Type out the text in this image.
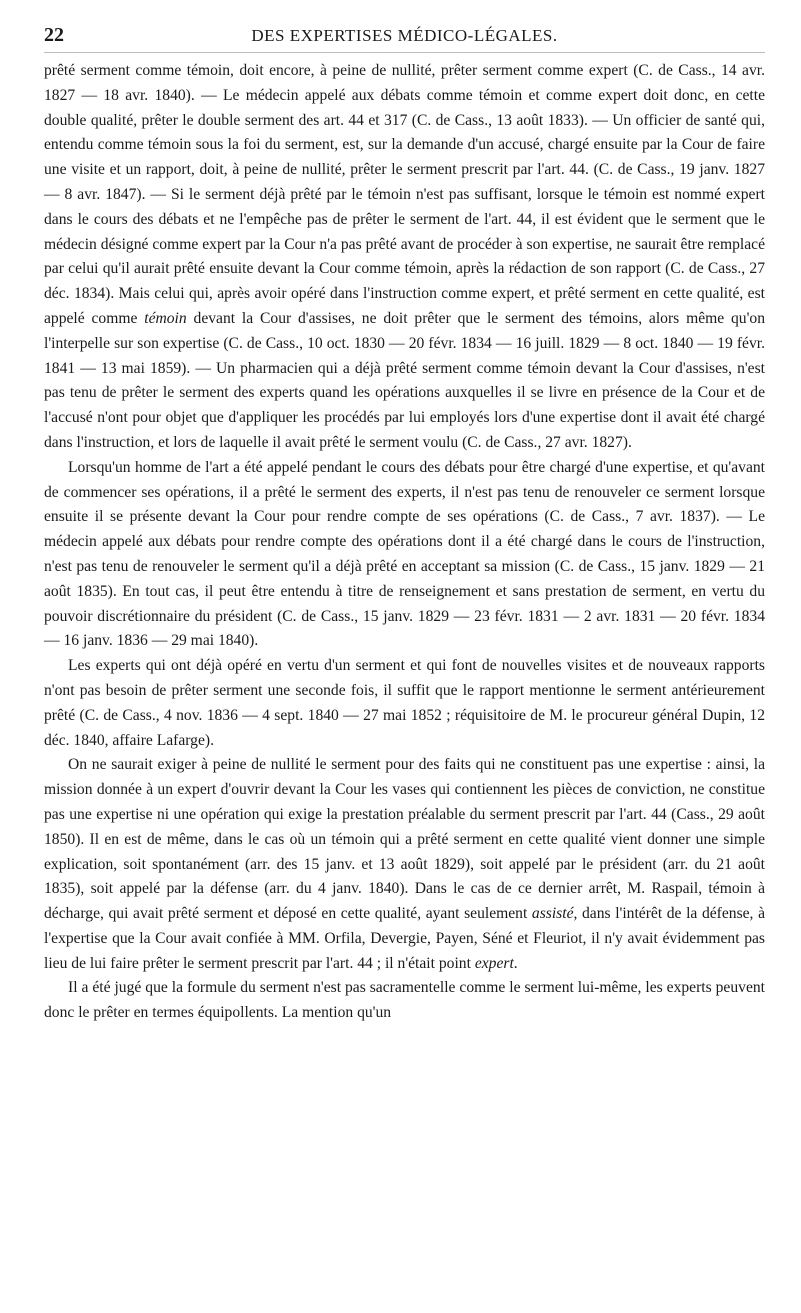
22	DES EXPERTISES MÉDICO-LÉGALES.

prêté serment comme témoin, doit encore, à peine de nullité, prêter serment comme expert (C. de Cass., 14 avr. 1827 — 18 avr. 1840). — Le médecin appelé aux débats comme témoin et comme expert doit donc, en cette double qualité, prêter le double serment des art. 44 et 317 (C. de Cass., 13 août 1833). — Un officier de santé qui, entendu comme témoin sous la foi du serment, est, sur la demande d'un accusé, chargé ensuite par la Cour de faire une visite et un rapport, doit, à peine de nullité, prêter le serment prescrit par l'art. 44. (C. de Cass., 19 janv. 1827 — 8 avr. 1847). — Si le serment déjà prêté par le témoin n'est pas suffisant, lorsque le témoin est nommé expert dans le cours des débats et ne l'empêche pas de prêter le serment de l'art. 44, il est évident que le serment que le médecin désigné comme expert par la Cour n'a pas prêté avant de procéder à son expertise, ne saurait être remplacé par celui qu'il aurait prêté ensuite devant la Cour comme témoin, après la rédaction de son rapport (C. de Cass., 27 déc. 1834). Mais celui qui, après avoir opéré dans l'instruction comme expert, et prêté serment en cette qualité, est appelé comme témoin devant la Cour d'assises, ne doit prêter que le serment des témoins, alors même qu'on l'interpelle sur son expertise (C. de Cass., 10 oct. 1830 — 20 févr. 1834 — 16 juill. 1829 — 8 oct. 1840 — 19 févr. 1841 — 13 mai 1859). — Un pharmacien qui a déjà prêté serment comme témoin devant la Cour d'assises, n'est pas tenu de prêter le serment des experts quand les opérations auxquelles il se livre en présence de la Cour et de l'accusé n'ont pour objet que d'appliquer les procédés par lui employés lors d'une expertise dont il avait été chargé dans l'instruction, et lors de laquelle il avait prêté le serment voulu (C. de Cass., 27 avr. 1827).

Lorsqu'un homme de l'art a été appelé pendant le cours des débats pour être chargé d'une expertise, et qu'avant de commencer ses opérations, il a prêté le serment des experts, il n'est pas tenu de renouveler ce serment lorsque ensuite il se présente devant la Cour pour rendre compte de ses opérations (C. de Cass., 7 avr. 1837). — Le médecin appelé aux débats pour rendre compte des opérations dont il a été chargé dans le cours de l'instruction, n'est pas tenu de renouveler le serment qu'il a déjà prêté en acceptant sa mission (C. de Cass., 15 janv. 1829 — 21 août 1835). En tout cas, il peut être entendu à titre de renseignement et sans prestation de serment, en vertu du pouvoir discrétionnaire du président (C. de Cass., 15 janv. 1829 — 23 févr. 1831 — 2 avr. 1831 — 20 févr. 1834 — 16 janv. 1836 — 29 mai 1840).

Les experts qui ont déjà opéré en vertu d'un serment et qui font de nouvelles visites et de nouveaux rapports n'ont pas besoin de prêter serment une seconde fois, il suffit que le rapport mentionne le serment antérieurement prêté (C. de Cass., 4 nov. 1836 — 4 sept. 1840 — 27 mai 1852 ; réquisitoire de M. le procureur général Dupin, 12 déc. 1840, affaire Lafarge).

On ne saurait exiger à peine de nullité le serment pour des faits qui ne constituent pas une expertise : ainsi, la mission donnée à un expert d'ouvrir devant la Cour les vases qui contiennent les pièces de conviction, ne constitue pas une expertise ni une opération qui exige la prestation préalable du serment prescrit par l'art. 44 (Cass., 29 août 1850). Il en est de même, dans le cas où un témoin qui a prêté serment en cette qualité vient donner une simple explication, soit spontanément (arr. des 15 janv. et 13 août 1829), soit appelé par le président (arr. du 21 août 1835), soit appelé par la défense (arr. du 4 janv. 1840). Dans le cas de ce dernier arrêt, M. Raspail, témoin à décharge, qui avait prêté serment et déposé en cette qualité, ayant seulement assisté, dans l'intérêt de la défense, à l'expertise que la Cour avait confiée à MM. Orfila, Devergie, Payen, Séné et Fleuriot, il n'y avait évidemment pas lieu de lui faire prêter le serment prescrit par l'art. 44 ; il n'était point expert.

Il a été jugé que la formule du serment n'est pas sacramentelle comme le serment lui-même, les experts peuvent donc le prêter en termes équipollents. La mention qu'un
